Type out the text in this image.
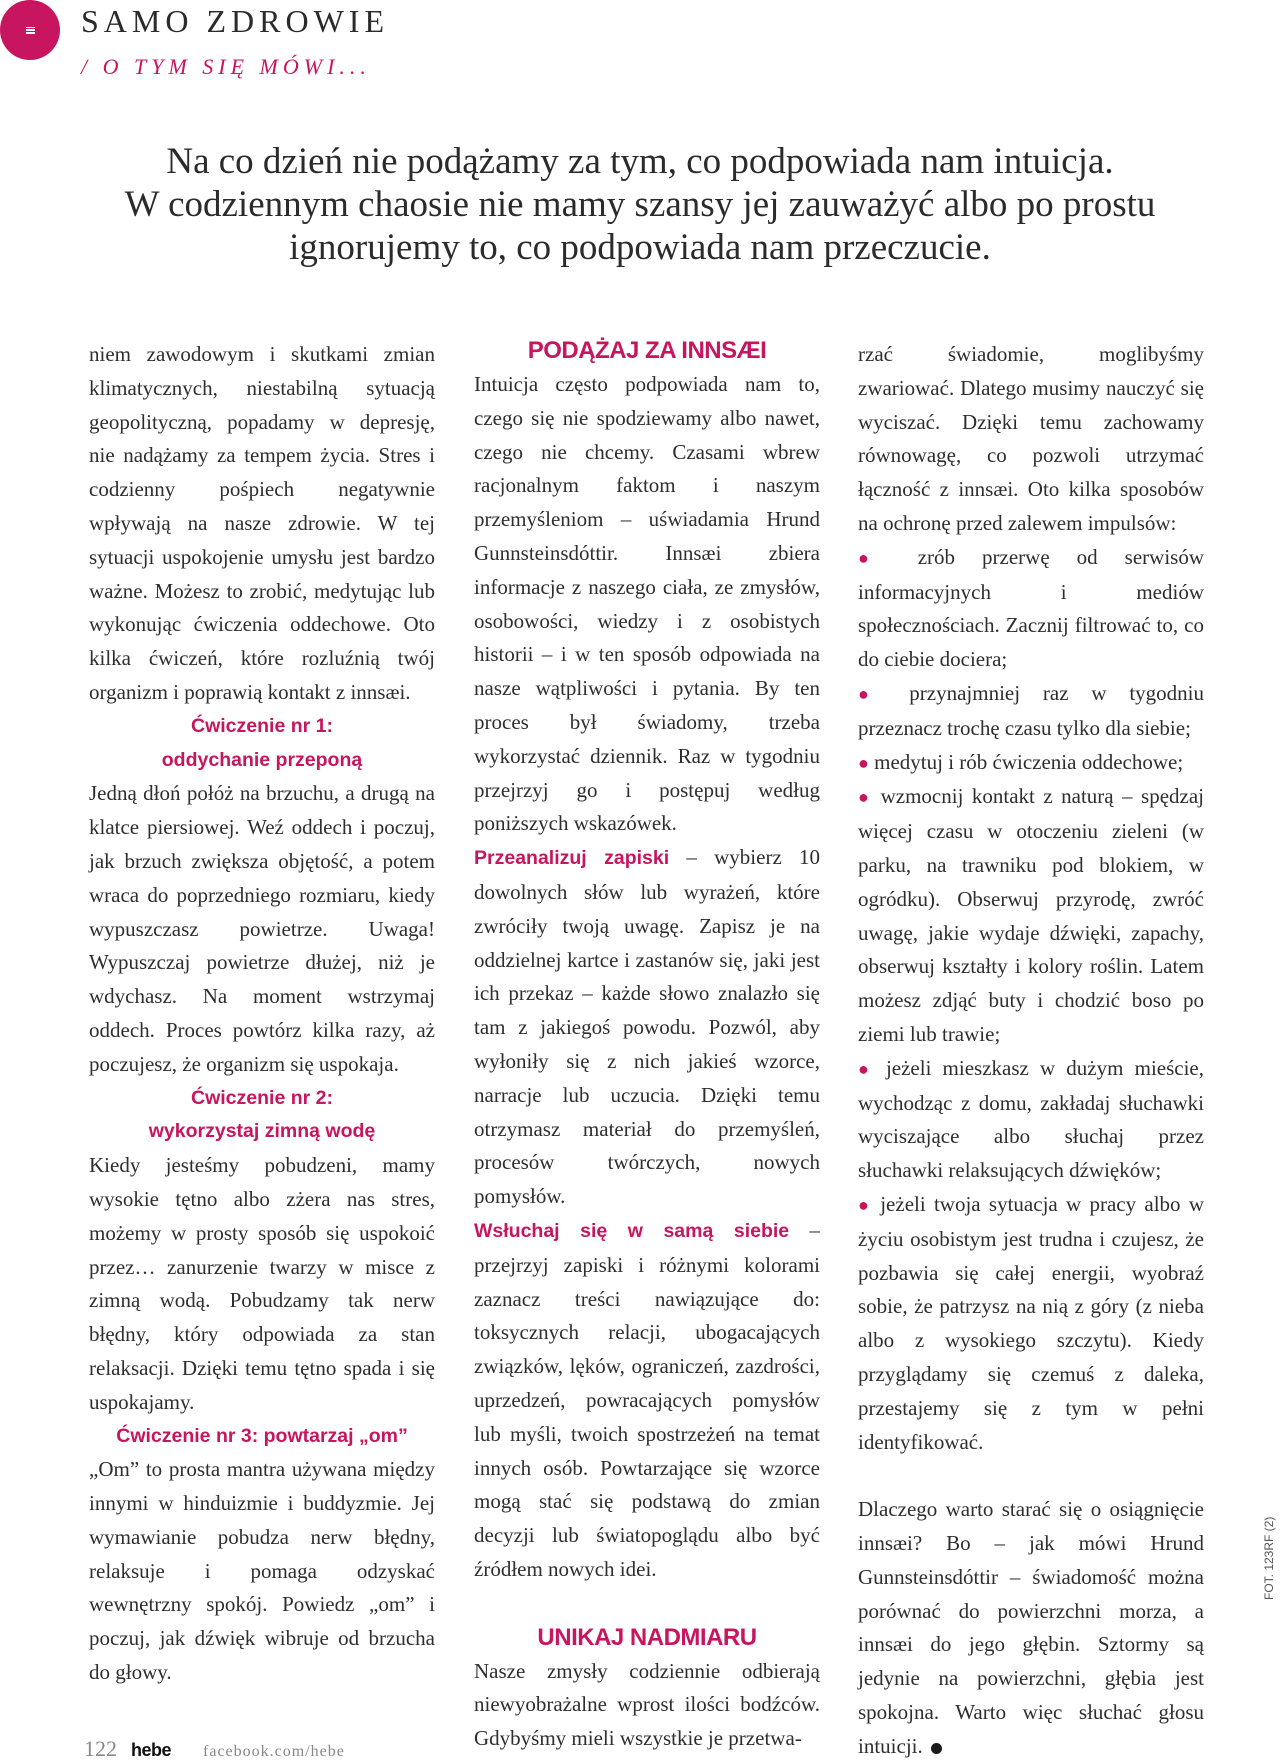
SAMO ZDROWIE
/ O TYM SIĘ MÓWI...

Na co dzień nie podążamy za tym, co podpowiada nam intuicja.
W codziennym chaosie nie mamy szansy jej zauważyć albo po prostu
ignorujemy to, co podpowiada nam przeczucie.

niem zawodowym i skutkami zmian klimatycznych, niestabilną sytuacją geopolityczną, popadamy w depresję, nie nadążamy za tempem życia. Stres i codzienny pośpiech negatywnie wpływają na nasze zdrowie. W tej sytuacji uspokojenie umysłu jest bardzo ważne. Możesz to zrobić, medytując lub wykonując ćwiczenia oddechowe. Oto kilka ćwiczeń, które rozluźnią twój organizm i poprawią kontakt z innsæi.

Ćwiczenie nr 1:
oddychanie przeponą

Jedną dłoń połóż na brzuchu, a drugą na klatce piersiowej. Weź oddech i poczuj, jak brzuch zwiększa objętość, a potem wraca do poprzedniego rozmiaru, kiedy wypuszczasz powietrze. Uwaga! Wypuszczaj powietrze dłużej, niż je wdychasz. Na moment wstrzymaj oddech. Proces powtórz kilka razy, aż poczujesz, że organizm się uspokaja.

Ćwiczenie nr 2:
wykorzystaj zimną wodę

Kiedy jesteśmy pobudzeni, mamy wysokie tętno albo zżera nas stres, możemy w prosty sposób się uspokoić przez… zanurzenie twarzy w misce z zimną wodą. Pobudzamy tak nerw błędny, który odpowiada za stan relaksacji. Dzięki temu tętno spada i się uspokajamy.

Ćwiczenie nr 3: powtarzaj „om”

„Om” to prosta mantra używana między innymi w hinduizmie i buddyzmie. Jej wymawianie pobudza nerw błędny, relaksuje i pomaga odzyskać wewnętrzny spokój. Powiedz „om” i poczuj, jak dźwięk wibruje od brzucha do głowy.

PODĄŻAJ ZA INNSÆI

Intuicja często podpowiada nam to, czego się nie spodziewamy albo nawet, czego nie chcemy. Czasami wbrew racjonalnym faktom i naszym przemyśleniom – uświadamia Hrund Gunnsteinsdóttir. Innsæi zbiera informacje z naszego ciała, ze zmysłów, osobowości, wiedzy i z osobistych historii – i w ten sposób odpowiada na nasze wątpliwości i pytania. By ten proces był świadomy, trzeba wykorzystać dziennik. Raz w tygodniu przejrzyj go i postępuj według poniższych wskazówek.

Przeanalizuj zapiski – wybierz 10 dowolnych słów lub wyrażeń, które zwróciły twoją uwagę. Zapisz je na oddzielnej kartce i zastanów się, jaki jest ich przekaz – każde słowo znalazło się tam z jakiegoś powodu. Pozwól, aby wyłoniły się z nich jakieś wzorce, narracje lub uczucia. Dzięki temu otrzymasz materiał do przemyśleń, procesów twórczych, nowych pomysłów.

Wsłuchaj się w samą siebie – przejrzyj zapiski i różnymi kolorami zaznacz treści nawiązujące do: toksycznych relacji, ubogacających związków, lęków, ograniczeń, zazdrości, uprzedzeń, powracających pomysłów lub myśli, twoich spostrzeżeń na temat innych osób. Powtarzające się wzorce mogą stać się podstawą do zmian decyzji lub światopoglądu albo być źródłem nowych idei.

UNIKAJ NADMIARU

Nasze zmysły codziennie odbierają niewyobrażalne wprost ilości bodźców. Gdybyśmy mieli wszystkie je przetwa-

rzać świadomie, moglibyśmy zwariować. Dlatego musimy nauczyć się wyciszać. Dzięki temu zachowamy równowagę, co pozwoli utrzymać łączność z innsæi. Oto kilka sposobów na ochronę przed zalewem impulsów:

● zrób przerwę od serwisów informacyjnych i mediów społecznościach. Zacznij filtrować to, co do ciebie dociera;

● przynajmniej raz w tygodniu przeznacz trochę czasu tylko dla siebie;

● medytuj i rób ćwiczenia oddechowe;

● wzmocnij kontakt z naturą – spędzaj więcej czasu w otoczeniu zieleni (w parku, na trawniku pod blokiem, w ogródku). Obserwuj przyrodę, zwróć uwagę, jakie wydaje dźwięki, zapachy, obserwuj kształty i kolory roślin. Latem możesz zdjąć buty i chodzić boso po ziemi lub trawie;

● jeżeli mieszkasz w dużym mieście, wychodząc z domu, zakładaj słuchawki wyciszające albo słuchaj przez słuchawki relaksujących dźwięków;

● jeżeli twoja sytuacja w pracy albo w życiu osobistym jest trudna i czujesz, że pozbawia się całej energii, wyobraź sobie, że patrzysz na nią z góry (z nieba albo z wysokiego szczytu). Kiedy przyglądamy się czemuś z daleka, przestajemy się z tym w pełni identyfikować.

Dlaczego warto starać się o osiągnięcie innsæi? Bo – jak mówi Hrund Gunnsteinsdóttir – świadomość można porównać do powierzchni morza, a innsæi do jego głębin. Sztormy są jedynie na powierzchni, głębia jest spokojna. Warto więc słuchać głosu intuicji.

FOT. 123RF (2)
122 hebe facebook.com/hebe
